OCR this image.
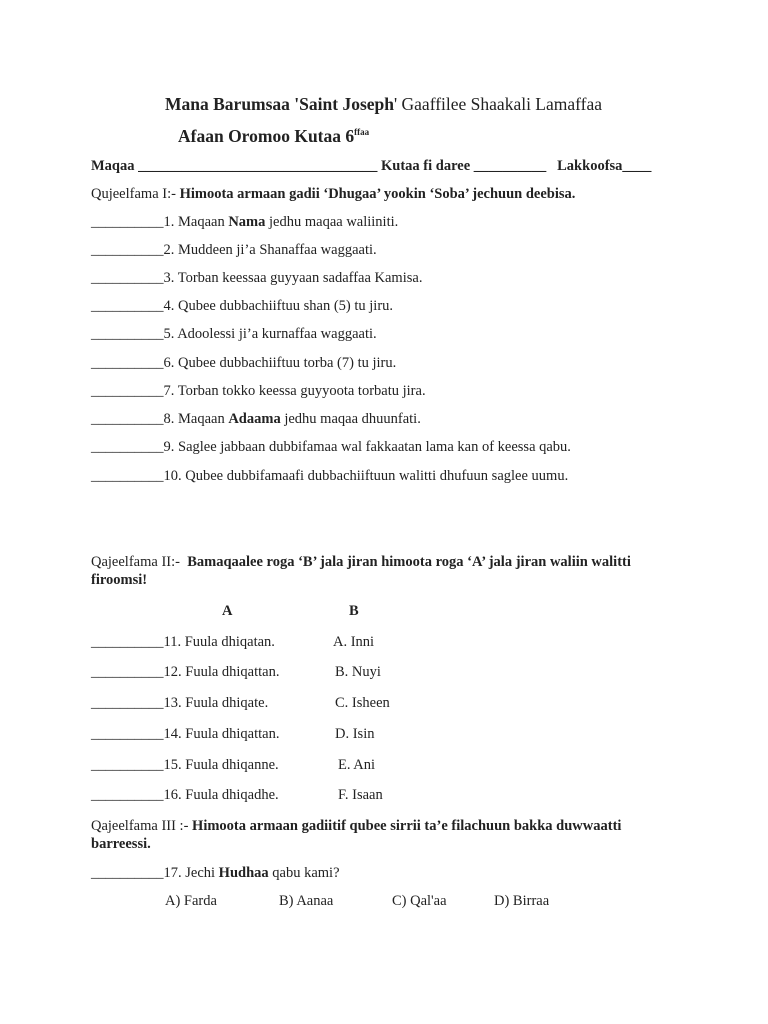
Mana Barumsaa 'Saint Joseph' Gaaffilee Shaakali Lamaffaa
Afaan Oromoo Kutaa $6^{ffaa}$
Maqaa _________________________________ Kutaa fi daree __________ Lakkoofsa____
Qujeelfama I:- Himoota armaan gadii ‘Dhugaa’ yookin ‘Soba’ jechuun deebisa.
__________1. Maqaan Nama jedhu maqaa waliiniti.
__________2. Muddeen ji’a Shanaffaa waggaati.
__________3. Torban keessaa guyyaan sadaffaa Kamisa.
__________4. Qubee dubbachiiftuu shan (5) tu jiru.
__________5. Adoolessi ji’a kurnaffaa waggaati.
__________6. Qubee dubbachiiftuu torba (7) tu jiru.
__________7. Torban tokko keessa guyyoota torbatu jira.
__________8. Maqaan Adaama jedhu maqaa dhuunfati.
__________9. Saglee jabbaan dubbifamaa wal fakkaatan lama kan of keessa qabu.
__________10. Qubee dubbifamaafi dubbachiiftuun walitti dhufuun saglee uumu.
Qajeelfama II:- Bamaqaalee roga ‘B’ jala jiran himoota roga ‘A’ jala jiran waliin walitti
firoomsi!
A	B
__________11. Fuula dhiqatan.	A. Inni
__________12. Fuula dhiqattan.	B. Nuyi
__________13. Fuula dhiqate.	C. Isheen
__________14. Fuula dhiqattan.	D. Isin
__________15. Fuula dhiqanne.	E. Ani
__________16. Fuula dhiqadhe.	F. Isaan
Qajeelfama III :- Himoota armaan gadiitif qubee sirrii ta’e filachuun bakka duwwaatti
barreessi.
__________17. Jechi Hudhaa qabu kami?
A) Farda	B) Aanaa	C) Qal'aa	D) Birraa
